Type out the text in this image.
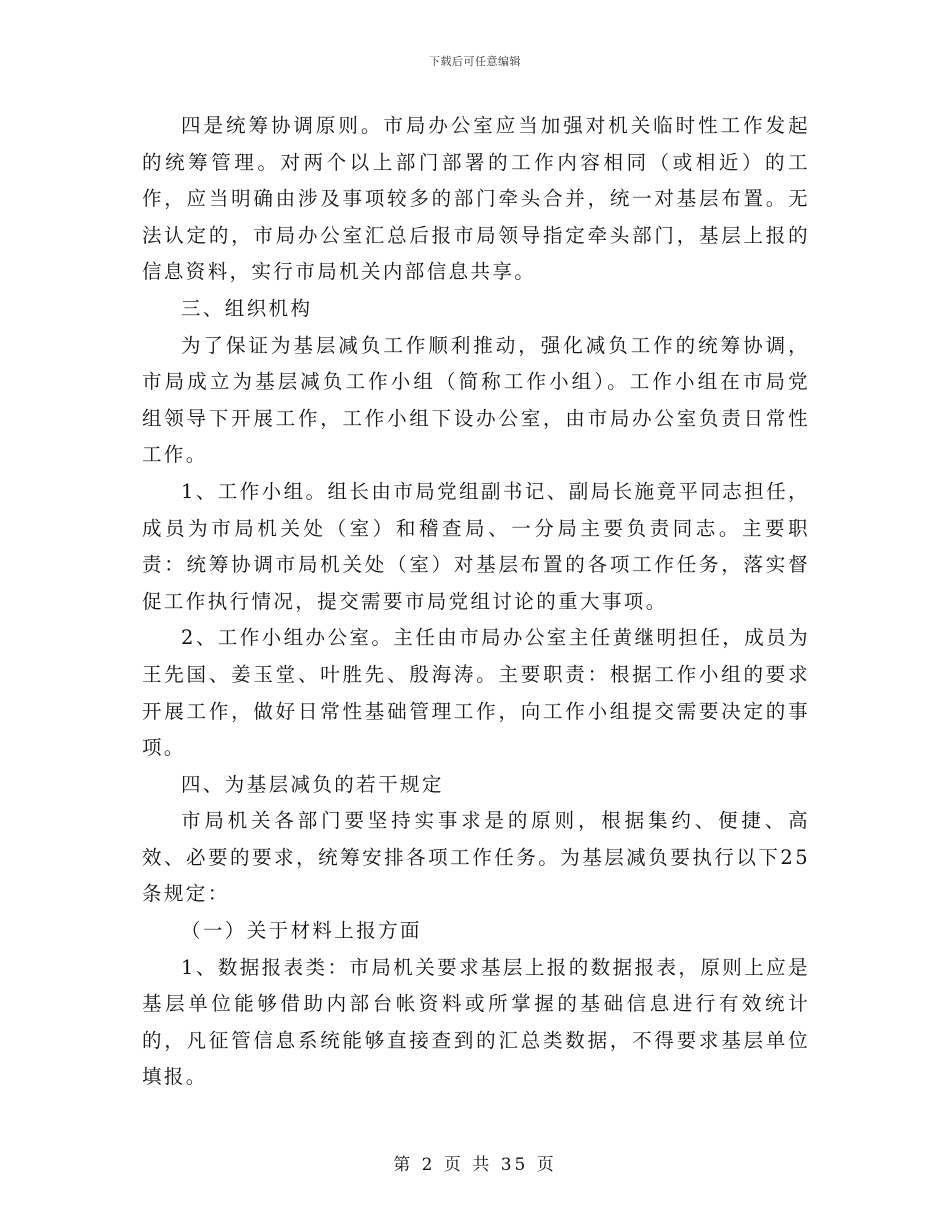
下载后可任意编辑

四是统筹协调原则。市局办公室应当加强对机关临时性工作发起的统筹管理。对两个以上部门部署的工作内容相同（或相近）的工作，应当明确由涉及事项较多的部门牵头合并，统一对基层布置。无法认定的，市局办公室汇总后报市局领导指定牵头部门，基层上报的信息资料，实行市局机关内部信息共享。

三、组织机构

为了保证为基层减负工作顺利推动，强化减负工作的统筹协调，市局成立为基层减负工作小组（简称工作小组）。工作小组在市局党组领导下开展工作，工作小组下设办公室，由市局办公室负责日常性工作。

1、工作小组。组长由市局党组副书记、副局长施竟平同志担任，成员为市局机关处（室）和稽查局、一分局主要负责同志。主要职责：统筹协调市局机关处（室）对基层布置的各项工作任务，落实督促工作执行情况，提交需要市局党组讨论的重大事项。

2、工作小组办公室。主任由市局办公室主任黄继明担任，成员为王先国、姜玉堂、叶胜先、殷海涛。主要职责：根据工作小组的要求开展工作，做好日常性基础管理工作，向工作小组提交需要决定的事项。

四、为基层减负的若干规定

市局机关各部门要坚持实事求是的原则，根据集约、便捷、高效、必要的要求，统筹安排各项工作任务。为基层减负要执行以下25条规定：

（一）关于材料上报方面

1、数据报表类：市局机关要求基层上报的数据报表，原则上应是基层单位能够借助内部台帐资料或所掌握的基础信息进行有效统计的，凡征管信息系统能够直接查到的汇总类数据，不得要求基层单位填报。

第 2 页 共 35 页
